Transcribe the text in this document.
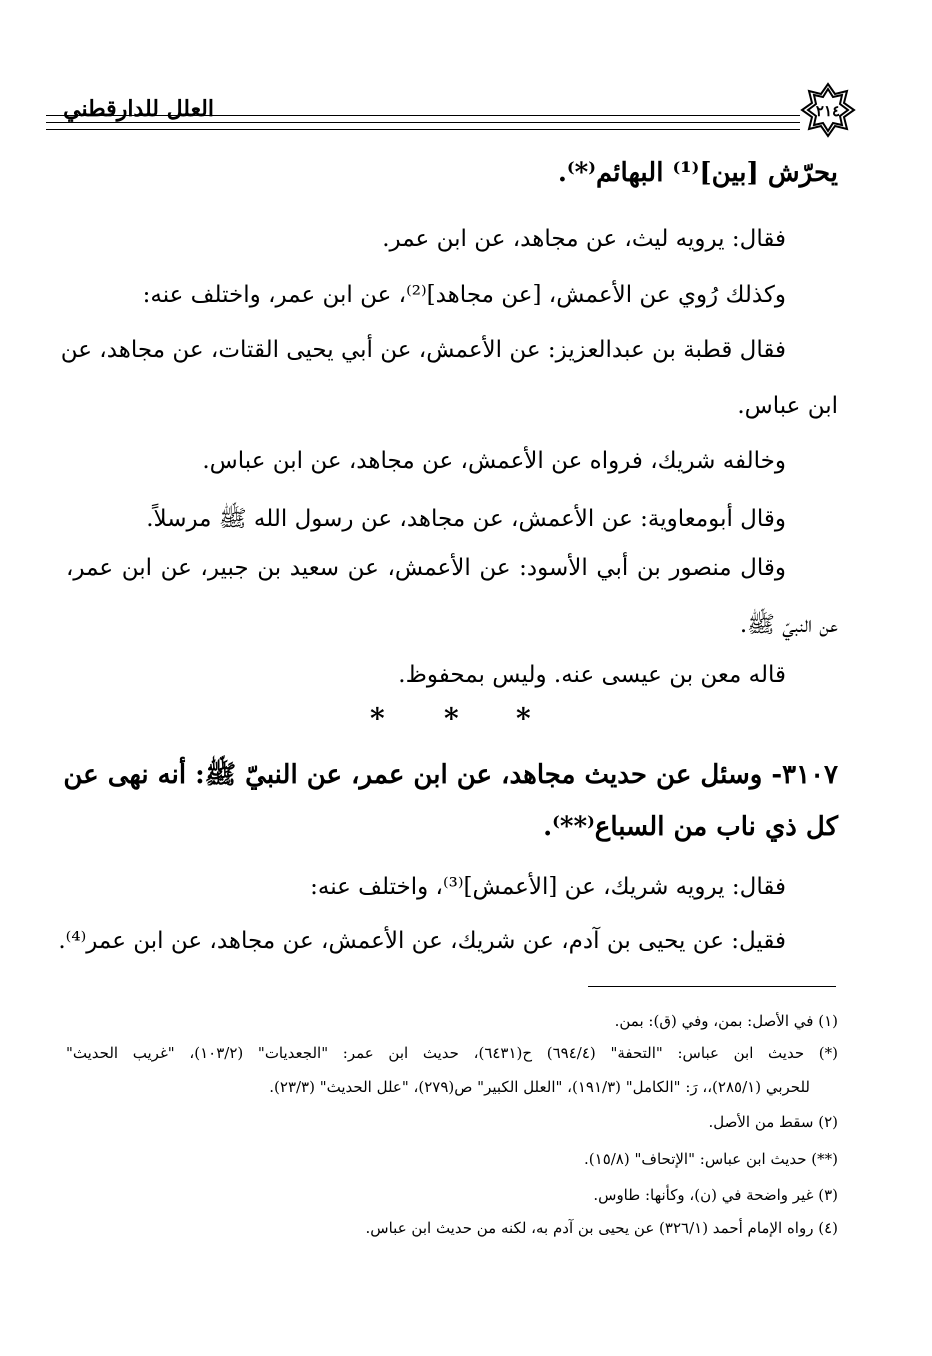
العلل للدارقطني	٢١٤
يحرّش [بين]⁽¹⁾ البهائم⁽*⁾.
فقال: يرويه ليث، عن مجاهد، عن ابن عمر.
وكذلك رُوي عن الأعمش، [عن مجاهد]⁽²⁾، عن ابن عمر، واختلف عنه:
فقال قطبة بن عبدالعزيز: عن الأعمش، عن أبي يحيى القتات، عن مجاهد، عن
ابن عباس.
وخالفه شريك، فرواه عن الأعمش، عن مجاهد، عن ابن عباس.
وقال أبومعاوية: عن الأعمش، عن مجاهد، عن رسول الله ﷺ مرسلاً.
وقال منصور بن أبي الأسود: عن الأعمش، عن سعيد بن جبير، عن ابن عمر،
عن النبيّ ﷺ.
قاله معن بن عيسى عنه. وليس بمحفوظ.
* * *
٣١٠٧- وسئل عن حديث مجاهد، عن ابن عمر، عن النبيّ ﷺ: أنه نهى عن
كل ذي ناب من السباع⁽**⁾.
فقال: يرويه شريك، عن [الأعمش]⁽³⁾، واختلف عنه:
فقيل: عن يحيى بن آدم، عن شريك، عن الأعمش، عن مجاهد، عن ابن عمر⁽⁴⁾.
(١) في الأصل: بمن، وفي (ق): بمن.
(*) حديث ابن عباس: "التحفة" (٦٩٤/٤) ح(٦٤٣١)، حديث ابن عمر: "الجعديات" (١٠٣/٢)، "غريب الحديث"
للحربي (٢٨٥/١)،، رَ: "الكامل" (١٩١/٣)، "العلل الكبير" ص(٢٧٩)، "علل الحديث" (٢٣/٣).
(٢) سقط من الأصل.
(**) حديث ابن عباس: "الإتحاف" (١٥/٨).
(٣) غير واضحة في (ن)، وكأنها: طاوس.
(٤) رواه الإمام أحمد (٣٢٦/١) عن يحيى بن آدم به، لكنه من حديث ابن عباس.
